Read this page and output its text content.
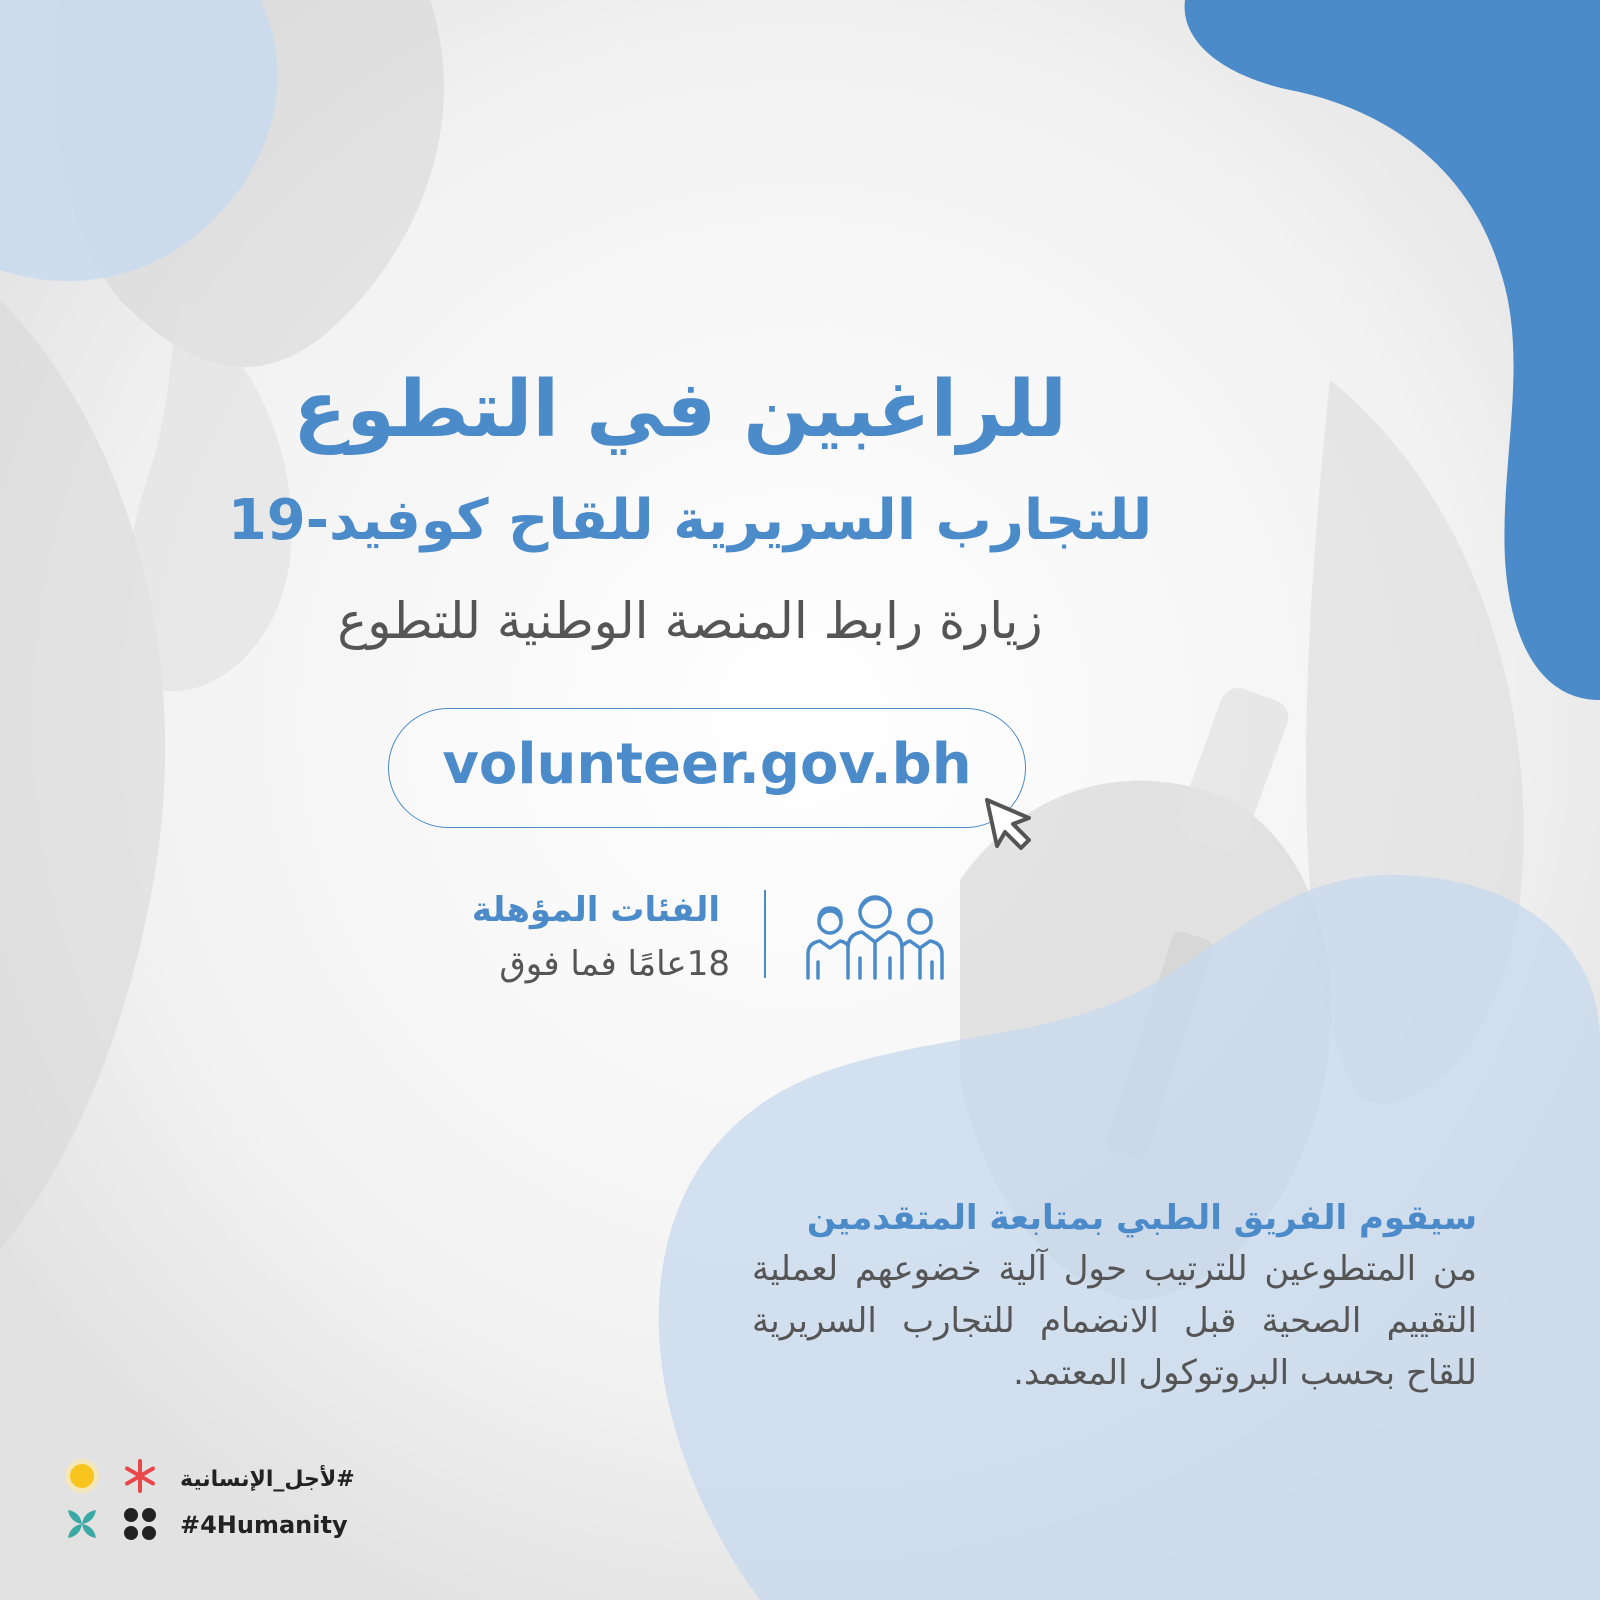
للراغبين في التطوع
للتجارب السريرية للقاح كوفيد-19
زيارة رابط المنصة الوطنية للتطوع
volunteer.gov.bh
الفئات المؤهلة
18عامًا فما فوق
سيقوم الفريق الطبي بمتابعة المتقدمين
من المتطوعين للترتيب حول آلية خضوعهم لعملية التقييم الصحية قبل الانضمام للتجارب السريرية للقاح بحسب البروتوكول المعتمد.
#لأجل_الإنسانية
#4Humanity
